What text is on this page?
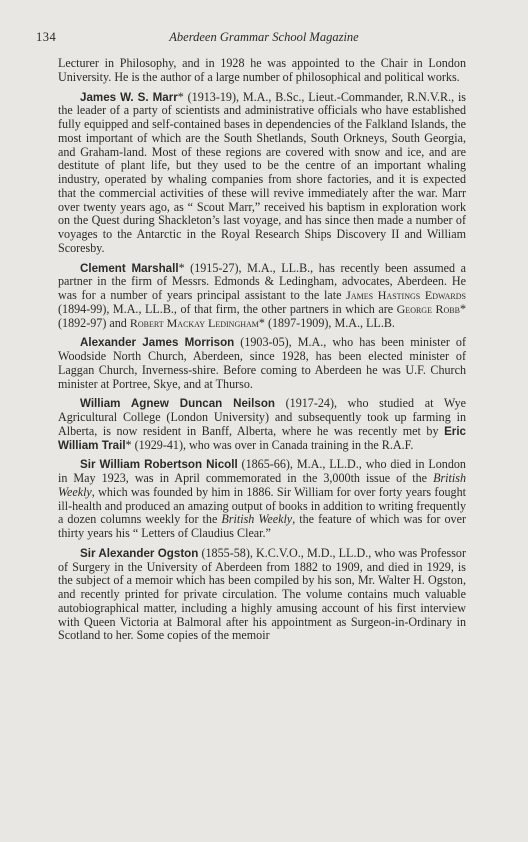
134	Aberdeen Grammar School Magazine

Lecturer in Philosophy, and in 1928 he was appointed to the Chair in London University. He is the author of a large number of philosophical and political works.

James W. S. Marr* (1913-19), M.A., B.Sc., Lieut.-Commander, R.N.V.R., is the leader of a party of scientists and administrative officials who have established fully equipped and self-contained bases in dependencies of the Falkland Islands, the most important of which are the South Shetlands, South Orkneys, South Georgia, and Graham-land. Most of these regions are covered with snow and ice, and are destitute of plant life, but they used to be the centre of an important whaling industry, operated by whaling companies from shore factories, and it is expected that the commercial activities of these will revive immediately after the war. Marr over twenty years ago, as “ Scout Marr,” received his baptism in exploration work on the Quest during Shackleton’s last voyage, and has since then made a number of voyages to the Antarctic in the Royal Research Ships Discovery II and William Scoresby.

Clement Marshall* (1915-27), M.A., LL.B., has recently been assumed a partner in the firm of Messrs. Edmonds & Ledingham, advocates, Aberdeen. He was for a number of years principal assistant to the late James Hastings Edwards (1894-99), M.A., LL.B., of that firm, the other partners in which are George Robb* (1892-97) and Robert Mackay Ledingham* (1897-1909), M.A., LL.B.

Alexander James Morrison (1903-05), M.A., who has been minister of Woodside North Church, Aberdeen, since 1928, has been elected minister of Laggan Church, Inverness-shire. Before coming to Aberdeen he was U.F. Church minister at Portree, Skye, and at Thurso.

William Agnew Duncan Neilson (1917-24), who studied at Wye Agricultural College (London University) and subsequently took up farming in Alberta, is now resident in Banff, Alberta, where he was recently met by Eric William Trail* (1929-41), who was over in Canada training in the R.A.F.

Sir William Robertson Nicoll (1865-66), M.A., LL.D., who died in London in May 1923, was in April commemorated in the 3,000th issue of the British Weekly, which was founded by him in 1886. Sir William for over forty years fought ill-health and produced an amazing output of books in addition to writing frequently a dozen columns weekly for the British Weekly, the feature of which was for over thirty years his “ Letters of Claudius Clear.”

Sir Alexander Ogston (1855-58), K.C.V.O., M.D., LL.D., who was Professor of Surgery in the University of Aberdeen from 1882 to 1909, and died in 1929, is the subject of a memoir which has been compiled by his son, Mr. Walter H. Ogston, and recently printed for private circulation. The volume contains much valuable autobiographical matter, including a highly amusing account of his first interview with Queen Victoria at Balmoral after his appointment as Surgeon-in-Ordinary in Scotland to her. Some copies of the memoir
